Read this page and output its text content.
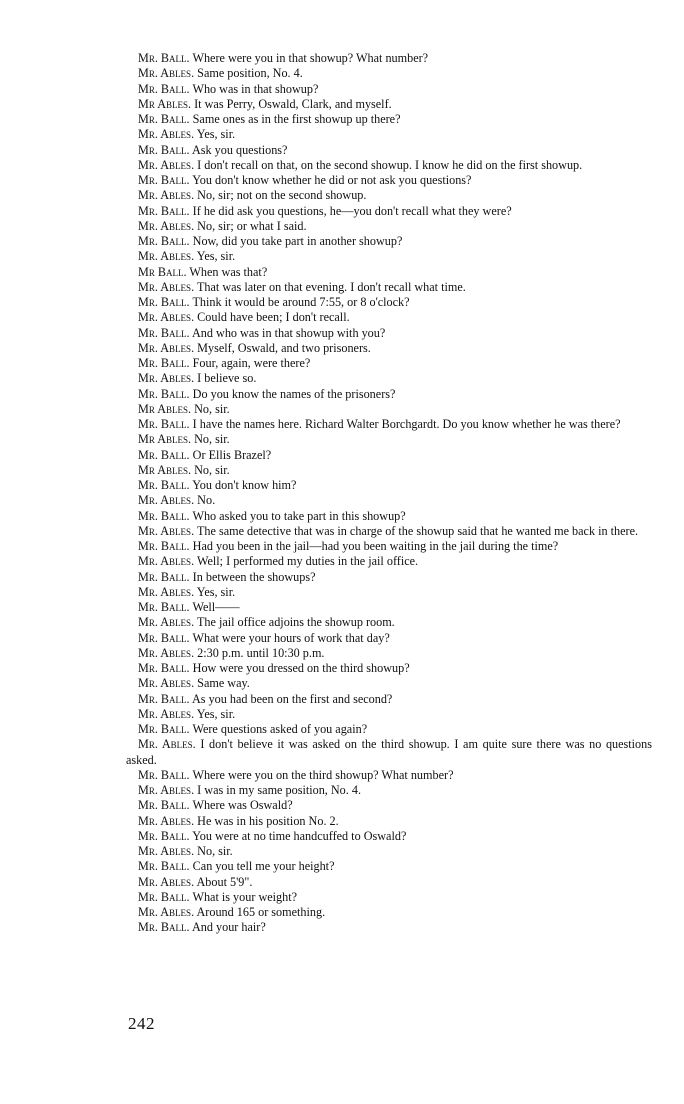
Mr. Ball. Where were you in that showup? What number?

Mr. Ables. Same position, No. 4.

Mr. Ball. Who was in that showup?

Mr Ables. It was Perry, Oswald, Clark, and myself.

Mr. Ball. Same ones as in the first showup up there?

Mr. Ables. Yes, sir.

Mr. Ball. Ask you questions?

Mr. Ables. I don't recall on that, on the second showup. I know he did on the first showup.

Mr. Ball. You don't know whether he did or not ask you questions?

Mr. Ables. No, sir; not on the second showup.

Mr. Ball. If he did ask you questions, he—you don't recall what they were?

Mr. Ables. No, sir; or what I said.

Mr. Ball. Now, did you take part in another showup?

Mr. Ables. Yes, sir.

Mr Ball. When was that?

Mr. Ables. That was later on that evening. I don't recall what time.

Mr. Ball. Think it would be around 7:55, or 8 o'clock?

Mr. Ables. Could have been; I don't recall.

Mr. Ball. And who was in that showup with you?

Mr. Ables. Myself, Oswald, and two prisoners.

Mr. Ball. Four, again, were there?

Mr. Ables. I believe so.

Mr. Ball. Do you know the names of the prisoners?

Mr Ables. No, sir.

Mr. Ball. I have the names here. Richard Walter Borchgardt. Do you know whether he was there?

Mr Ables. No, sir.

Mr. Ball. Or Ellis Brazel?

Mr Ables. No, sir.

Mr. Ball. You don't know him?

Mr. Ables. No.

Mr. Ball. Who asked you to take part in this showup?

Mr. Ables. The same detective that was in charge of the showup said that he wanted me back in there.

Mr. Ball. Had you been in the jail—had you been waiting in the jail during the time?

Mr. Ables. Well; I performed my duties in the jail office.

Mr. Ball. In between the showups?

Mr. Ables. Yes, sir.

Mr. Ball. Well——

Mr. Ables. The jail office adjoins the showup room.

Mr. Ball. What were your hours of work that day?

Mr. Ables. 2:30 p.m. until 10:30 p.m.

Mr. Ball. How were you dressed on the third showup?

Mr. Ables. Same way.

Mr. Ball. As you had been on the first and second?

Mr. Ables. Yes, sir.

Mr. Ball. Were questions asked of you again?

Mr. Ables. I don't believe it was asked on the third showup. I am quite sure there was no questions asked.

Mr. Ball. Where were you on the third showup? What number?

Mr. Ables. I was in my same position, No. 4.

Mr. Ball. Where was Oswald?

Mr. Ables. He was in his position No. 2.

Mr. Ball. You were at no time handcuffed to Oswald?

Mr. Ables. No, sir.

Mr. Ball. Can you tell me your height?

Mr. Ables. About 5'9".

Mr. Ball. What is your weight?

Mr. Ables. Around 165 or something.

Mr. Ball. And your hair?

242
